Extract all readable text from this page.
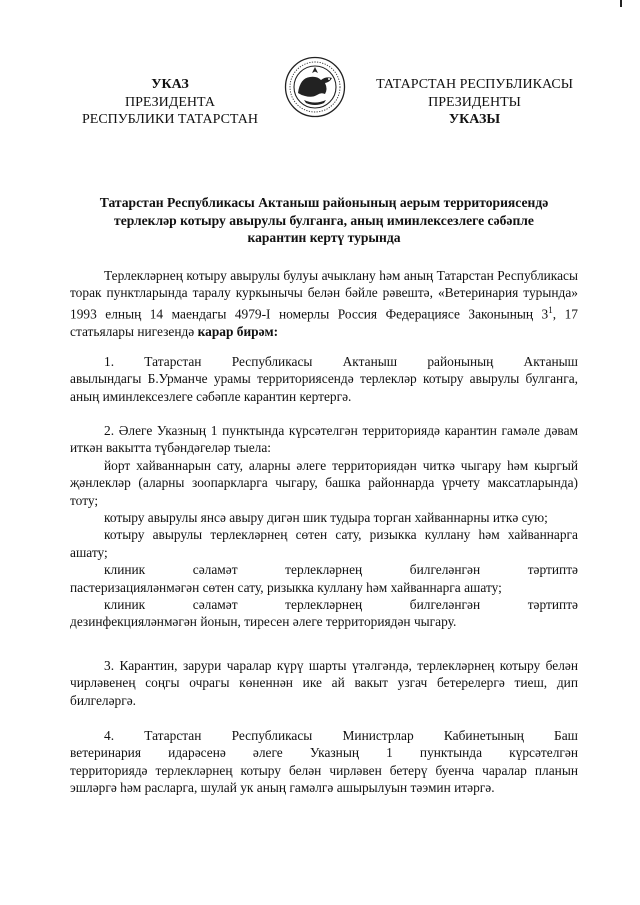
УКАЗ
ПРЕЗИДЕНТА
РЕСПУБЛИКИ ТАТАРСТАН
ТАТАРСТАН РЕСПУБЛИКАСЫ
ПРЕЗИДЕНТЫ
УКАЗЫ
Татарстан Республикасы Актаныш районының аерым территориясендә
терлекләр котыру авырулы булганга, аның иминлексезлеге сәбәпле
карантин кертү турында
Терлекләрнең котыру авырулы булуы ачыклану һәм аның Татарстан Республикасы торак пунктларында таралу куркынычы белән бәйле рәвештә, «Ветеринария турында» 1993 елның 14 маендагы 4979-I номерлы Россия Федерациясе Законының $3^1$, 17 статьялары нигезендә карар бирәм:
1. Татарстан Республикасы Актаныш районының Актаныш
авылындагы Б.Урманче урамы территориясендә терлекләр котыру авырулы булганга, аның иминлексезлеге сәбәпле карантин кертергә.
2. Әлеге Указның 1 пунктында күрсәтелгән территориядә карантин гамәле дәвам иткән вакытта түбәндәгеләр тыела:
йорт хайваннарын сату, аларны әлеге территориядән читкә чыгару һәм кыргый җәнлекләр (аларны зоопаркларга чыгару, башка районнарда үрчету максатларында) тоту;
котыру авырулы янсә авыру дигән шик тудыра торган хайваннарны иткә сую;
котыру авырулы терлекләрнең сөтен сату, ризыкка куллану һәм хайваннарга ашату;
клиник сәламәт терлекләрнең билгеләнгән тәртиптә
пастеризацияләнмәгән сөтен сату, ризыкка куллану һәм хайваннарга ашату;
клиник сәламәт терлекләрнең билгеләнгән тәртиптә
дезинфекцияләнмәгән йонын, тиресен әлеге территориядән чыгару.
3. Карантин, зарури чаралар күрү шарты үтәлгәндә, терлекләрнең котыру белән чирләвенең соңгы очрагы көненнән ике ай вакыт узгач бетерелергә тиеш, дип билгеләргә.
4. Татарстан Республикасы Министрлар Кабинетының Баш
ветеринария идарәсенә әлеге Указның 1 пунктында күрсәтелгән
территориядә терлекләрнең котыру белән чирләвен бетерү буенча чаралар планын эшләргә һәм расларга, шулай ук аның гамәлгә ашырылуын тәэмин итәргә.
